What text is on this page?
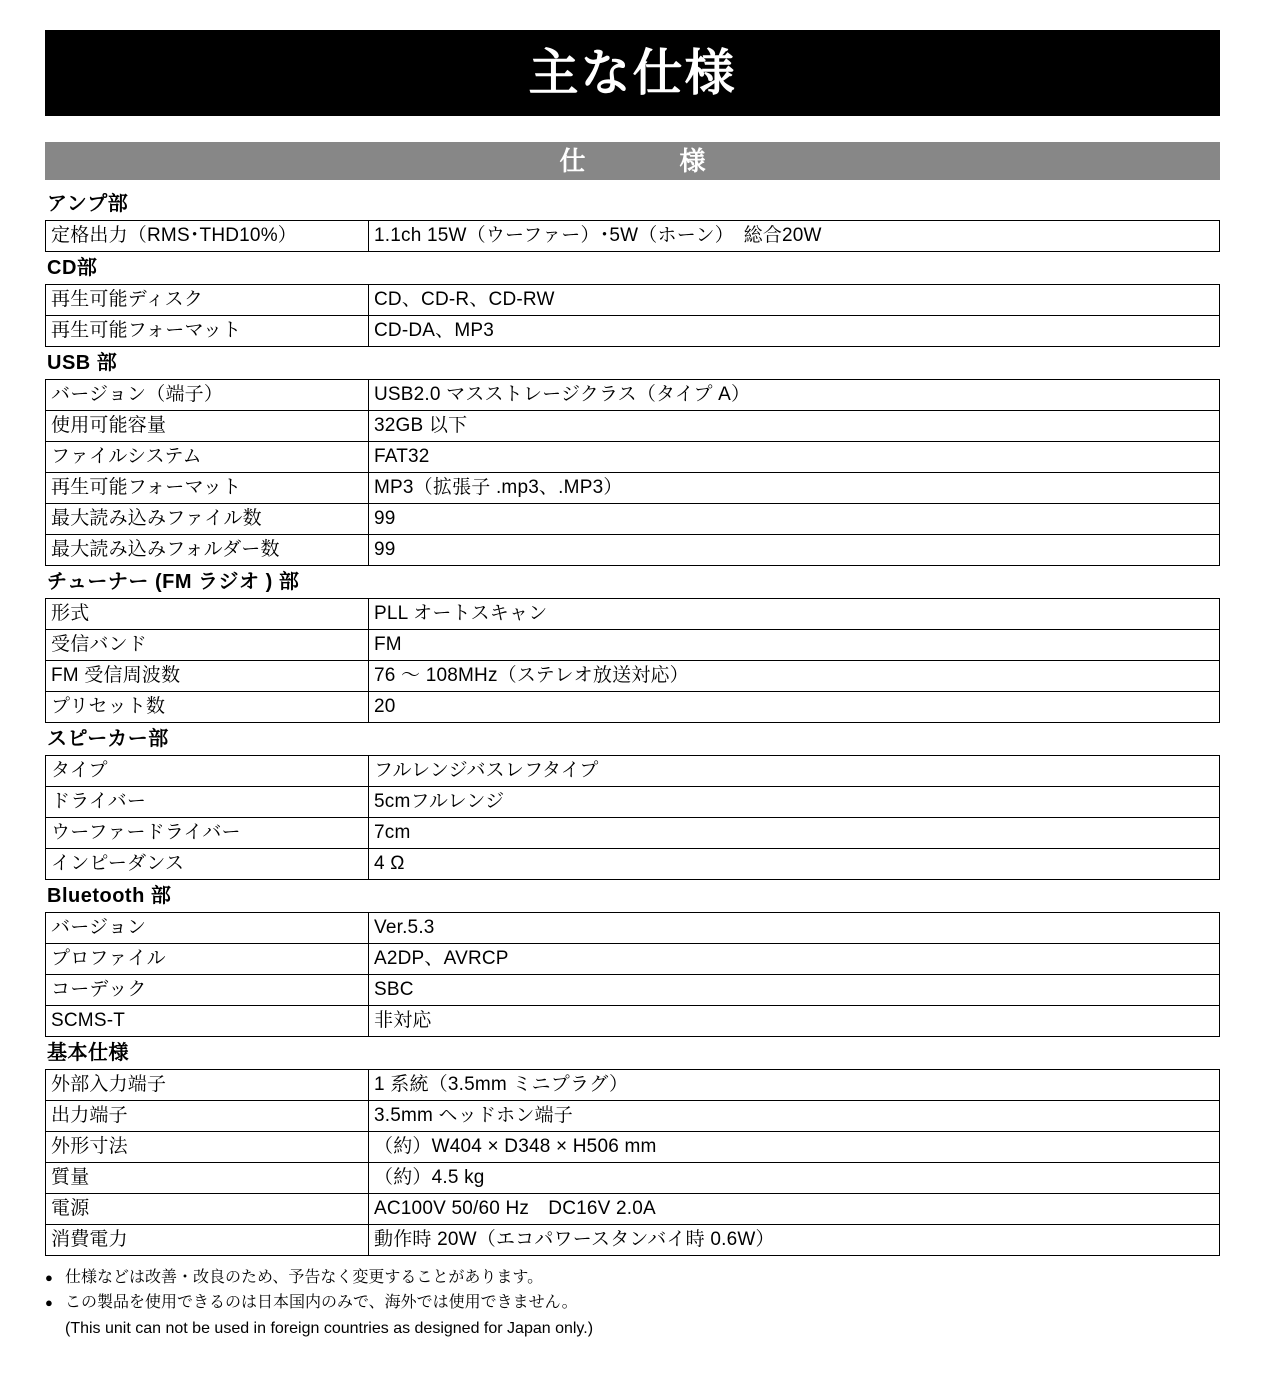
主な仕様
仕　　様
アンプ部
定格出力（RMS･THD10%）	1.1ch 15W（ウーファー）･5W（ホーン）　総合20W
CD部
再生可能ディスク	CD、CD-R、CD-RW
再生可能フォーマット	CD-DA、MP3
USB 部
バージョン（端子）	USB2.0 マスストレージクラス（タイプ A）
使用可能容量	32GB 以下
ファイルシステム	FAT32
再生可能フォーマット	MP3（拡張子 .mp3、.MP3）
最大読み込みファイル数	99
最大読み込みフォルダー数	99
チューナー (FM ラジオ ) 部
形式	PLL オートスキャン
受信バンド	FM
FM 受信周波数	76 ～ 108MHz（ステレオ放送対応）
プリセット数	20
スピーカー部
タイプ	フルレンジバスレフタイプ
ドライバー	5cmフルレンジ
ウーファードライバー	7cm
インピーダンス	4 Ω
Bluetooth 部
バージョン	Ver.5.3
プロファイル	A2DP、AVRCP
コーデック	SBC
SCMS-T	非対応
基本仕様
外部入力端子	1 系統（3.5mm ミニプラグ）
出力端子	3.5mm ヘッドホン端子
外形寸法	（約）W404 × D348 × H506 mm
質量	（約）4.5 kg
電源	AC100V 50/60 Hz　DC16V 2.0A
消費電力	動作時 20W（エコパワースタンバイ時 0.6W）
● 仕様などは改善・改良のため、予告なく変更することがあります。
● この製品を使用できるのは日本国内のみで、海外では使用できません。
(This unit can not be used in foreign countries as designed for Japan only.)
